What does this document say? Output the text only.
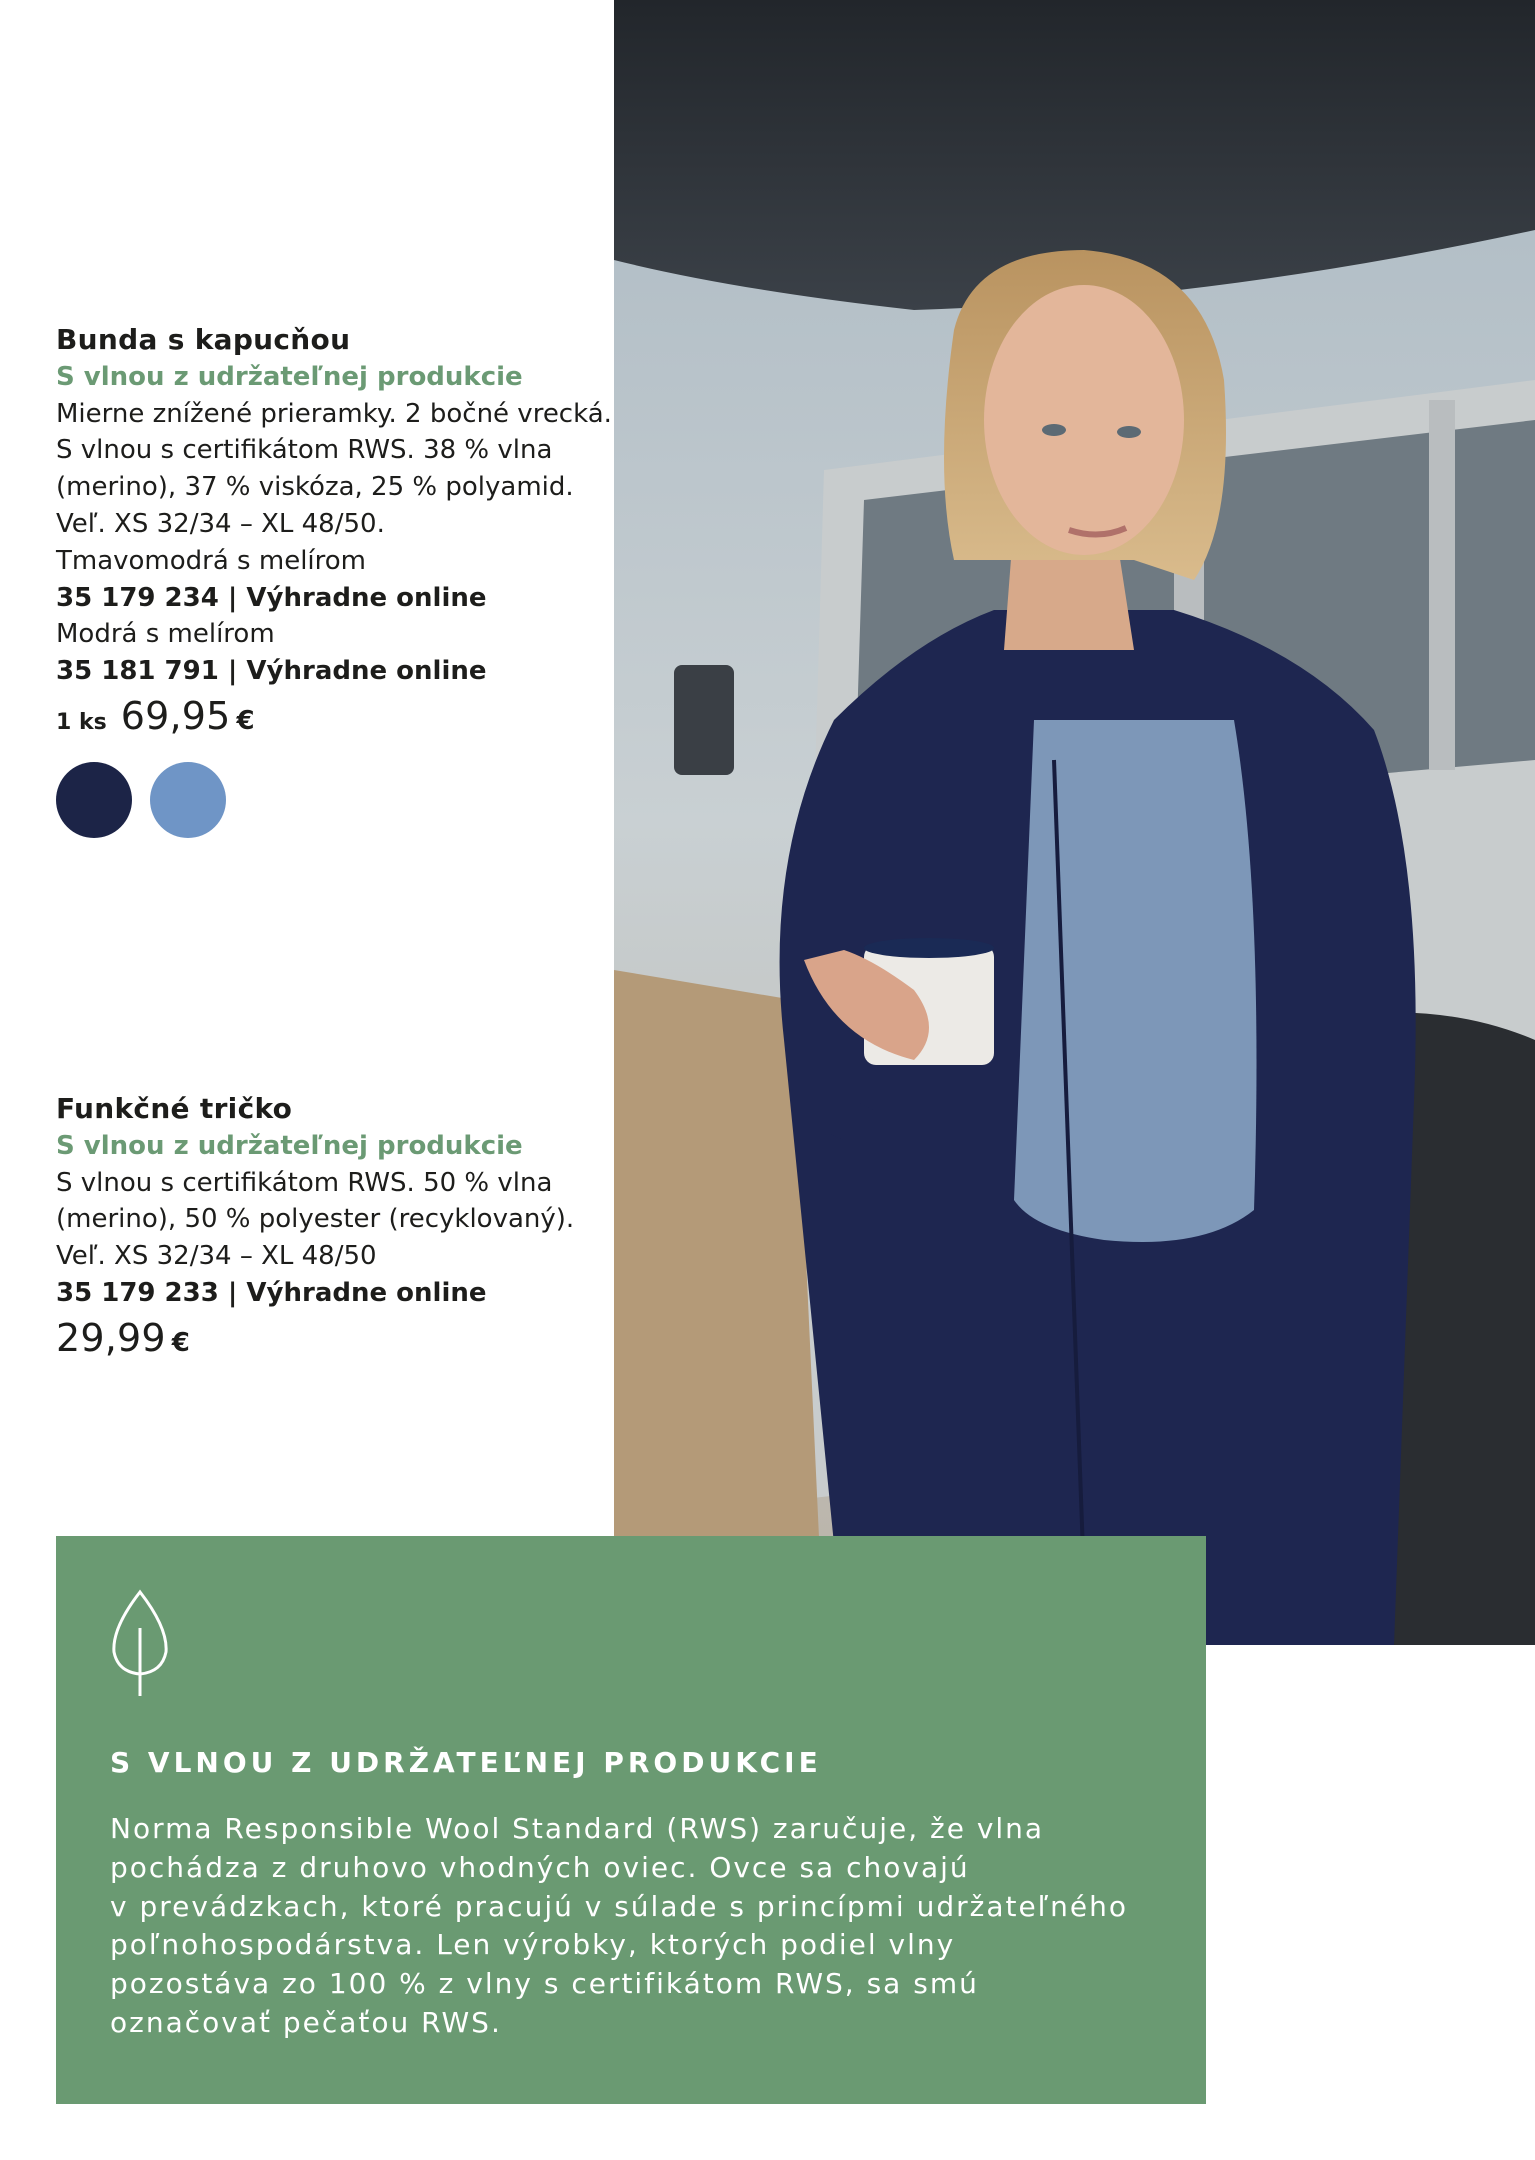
Bunda s kapucňou
S vlnou z udržateľnej produkcie
Mierne znížené prieramky. 2 bočné vrecká.
S vlnou s certifikátom RWS. 38 % vlna
(merino), 37 % viskóza, 25 % polyamid.
Veľ. XS 32/34 – XL 48/50.
Tmavomodrá s melírom
35 179 234 | Výhradne online
Modrá s melírom
35 181 791 | Výhradne online
1 ks 69,95 €
Funkčné tričko
S vlnou z udržateľnej produkcie
S vlnou s certifikátom RWS. 50 % vlna
(merino), 50 % polyester (recyklovaný).
Veľ. XS 32/34 – XL 48/50
35 179 233 | Výhradne online
29,99 €
S VLNOU Z UDRŽATEĽNEJ PRODUKCIE
Norma Responsible Wool Standard (RWS) zaručuje, že vlna
pochádza z druhovo vhodných oviec. Ovce sa chovajú
v prevádzkach, ktoré pracujú v súlade s princípmi udržateľného
poľnohospodárstva. Len výrobky, ktorých podiel vlny
pozostáva zo 100 % z vlny s certifikátom RWS, sa smú
označovať pečaťou RWS.
